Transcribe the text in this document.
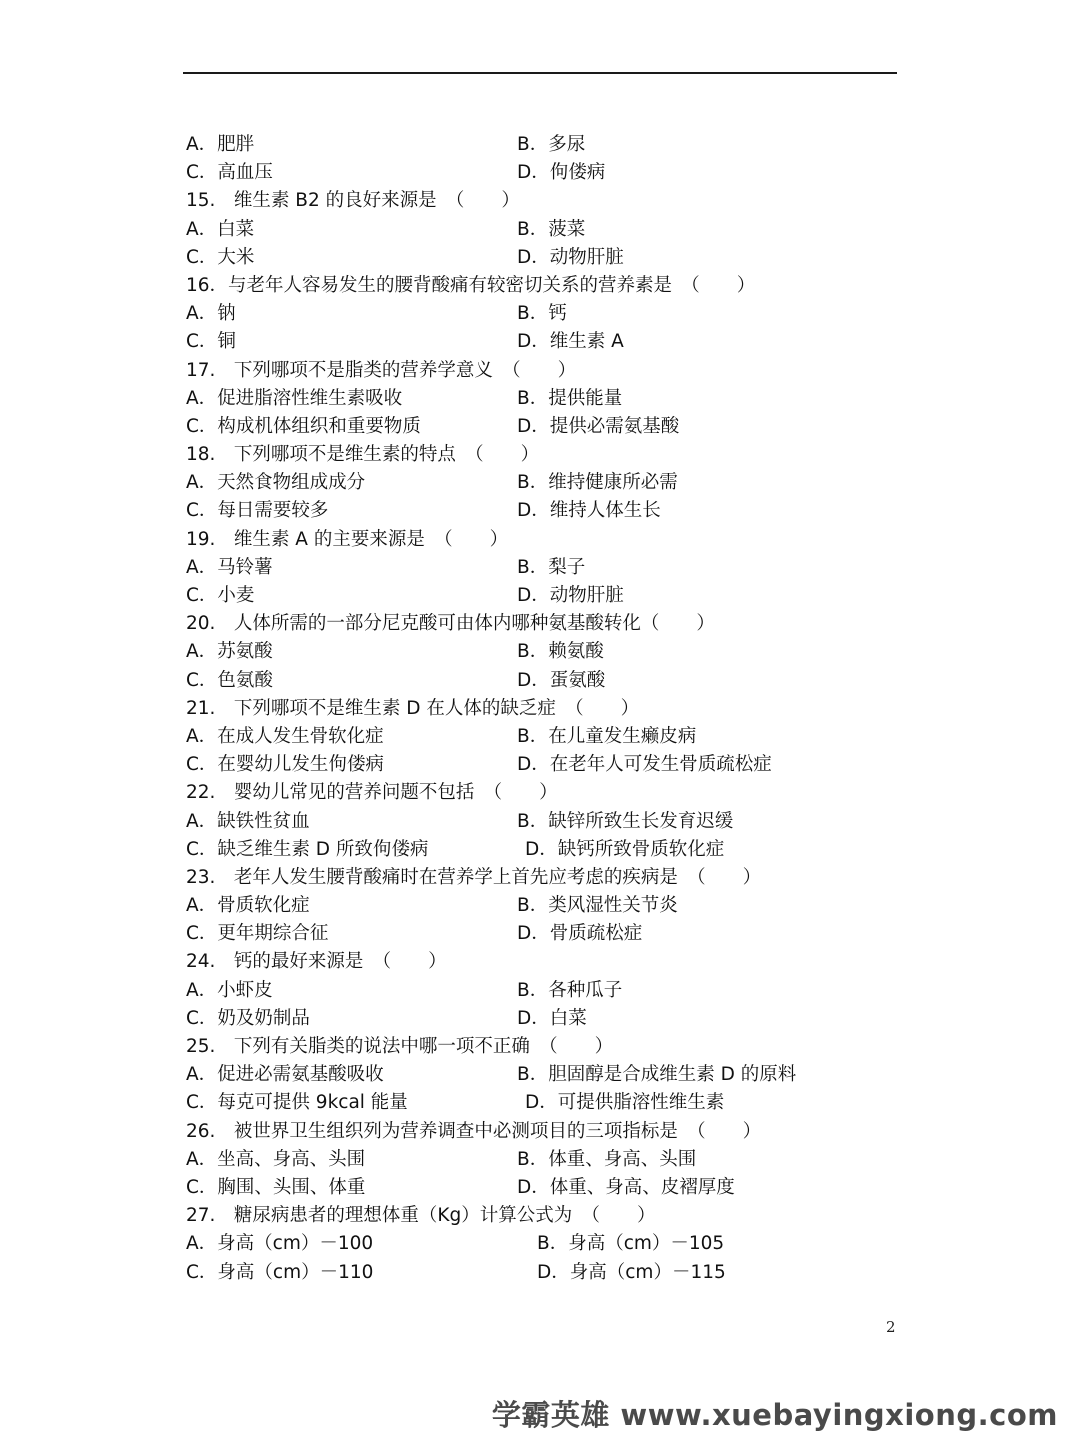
A．肥胖	B．多尿
C．高血压	D．佝偻病
15.　维生素 B2 的良好来源是　（　　）
A．白菜	B．菠菜
C．大米	D．动物肝脏
16．与老年人容易发生的腰背酸痛有较密切关系的营养素是　（　　）
A．钠	B．钙
C．铜	D．维生素 A
17.　下列哪项不是脂类的营养学意义　（　　）
A．促进脂溶性维生素吸收	B．提供能量
C．构成机体组织和重要物质	D．提供必需氨基酸
18.　下列哪项不是维生素的特点　（　　）
A．天然食物组成成分	B．维持健康所必需
C．每日需要较多	D．维持人体生长
19.　维生素 A 的主要来源是　（　　）
A．马铃薯	B．梨子
C．小麦	D．动物肝脏
20.　人体所需的一部分尼克酸可由体内哪种氨基酸转化（　　）
A．苏氨酸	B．赖氨酸
C．色氨酸	D．蛋氨酸
21.　下列哪项不是维生素 D 在人体的缺乏症　（　　）
A．在成人发生骨软化症	B．在儿童发生癞皮病
C．在婴幼儿发生佝偻病	D．在老年人可发生骨质疏松症
22.　婴幼儿常见的营养问题不包括　（　　）
A．缺铁性贫血	B．缺锌所致生长发育迟缓
C．缺乏维生素 D 所致佝偻病	D．缺钙所致骨质软化症
23.　老年人发生腰背酸痛时在营养学上首先应考虑的疾病是　（　　）
A．骨质软化症	B．类风湿性关节炎
C．更年期综合征	D．骨质疏松症
24.　钙的最好来源是　（　　）
A．小虾皮	B．各种瓜子
C．奶及奶制品	D．白菜
25.　下列有关脂类的说法中哪一项不正确　（　　）
A．促进必需氨基酸吸收	B．胆固醇是合成维生素 D 的原料
C．每克可提供 9kcal 能量	D．可提供脂溶性维生素
26.　被世界卫生组织列为营养调查中必测项目的三项指标是　（　　）
A．坐高、身高、头围	B．体重、身高、头围
C．胸围、头围、体重	D．体重、身高、皮褶厚度
27.　糖尿病患者的理想体重（Kg）计算公式为　（　　）
A．身高（cm）－100	B．身高（cm）－105
C．身高（cm）－110	D．身高（cm）－115
2
学霸英雄 www.xuebayingxiong.com
